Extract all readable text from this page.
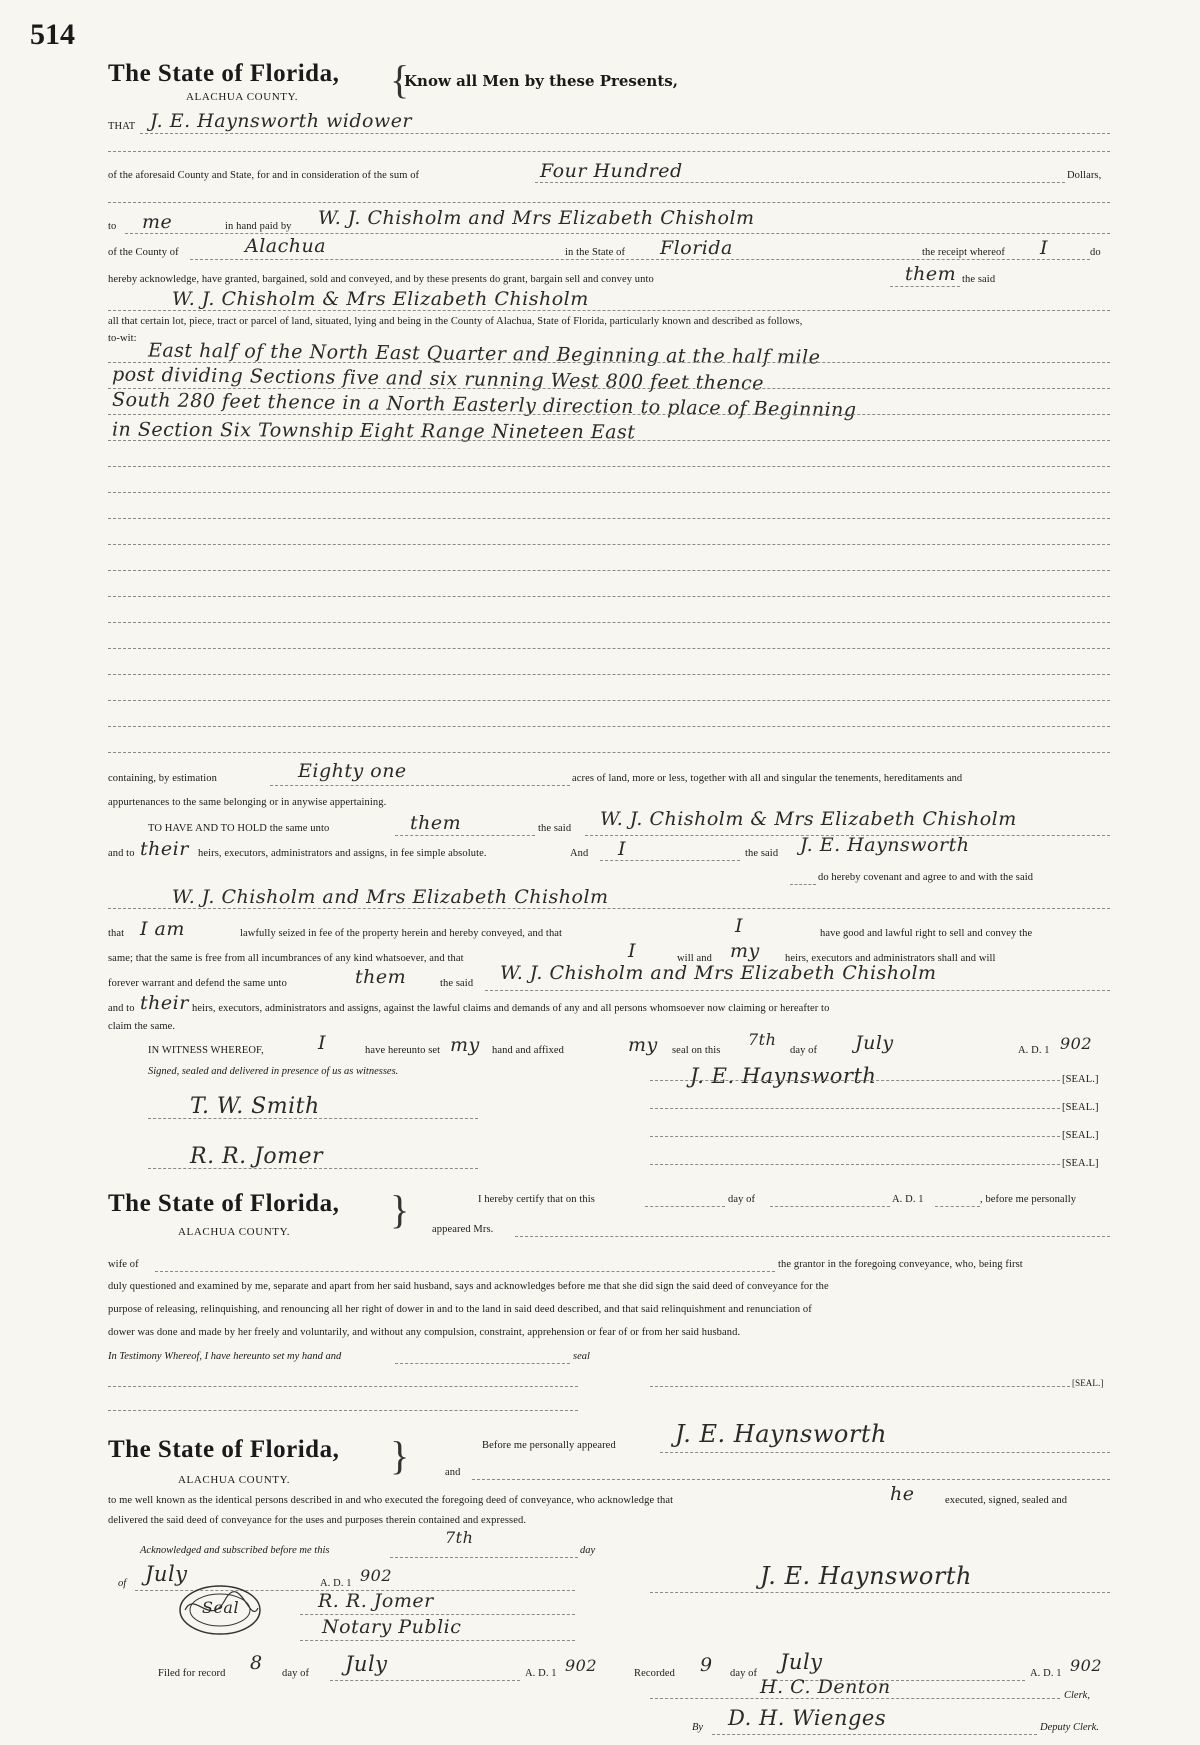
514
The State of Florida, {
Know all Men by these Presents,
ALACHUA COUNTY.
THAT J. E. Haynsworth widower
of the aforesaid County and State, for and in consideration of the sum of	Four Hundred	Dollars,
to me	in hand paid by W. J. Chisholm and Mrs Elizabeth Chisholm
of the County of	Alachua	in the State of Florida	the receipt whereof I	do
hereby acknowledge, have granted, bargained, sold and conveyed, and by these presents do grant, bargain sell and convey unto	them the said
W. J. Chisholm & Mrs Elizabeth Chisholm
all that certain lot, piece, tract or parcel of land, situated, lying and being in the County of Alachua, State of Florida, particularly known and described as follows,
to-wit:
East half of the North East Quarter and Beginning at the half mile
post dividing Sections five and six running West 800 feet thence
South 280 feet thence in a North Easterly direction to place of Beginning
in Section Six Township Eight Range Nineteen East
containing, by estimation	Eighty one	acres of land, more or less, together with all and singular the tenements, hereditaments and
appurtenances to the same belonging or in anywise appertaining.
TO HAVE AND TO HOLD the same unto	them	the said W. J. Chisholm & Mrs Elizabeth Chisholm
and to their heirs, executors, administrators and assigns, in fee simple absolute.	And I	the said J. E. Haynsworth
do hereby covenant and agree to and with the said
W. J. Chisholm and Mrs Elizabeth Chisholm
that I am	lawfully seized in fee of the property herein and hereby conveyed, and that	I	have good and lawful right to sell and convey the
same; that the same is free from all incumbrances of any kind whatsoever, and that	I	will and my heirs, executors and administrators shall and will
forever warrant and defend the same unto	them	the said W. J. Chisholm and Mrs Elizabeth Chisholm
and to their heirs, executors, administrators and assigns, against the lawful claims and demands of any and all persons whomsoever now claiming or hereafter to
claim the same.
IN WITNESS WHEREOF,	I	have hereunto set my hand and affixed	my seal on this
7th
day of July	A. D. 1 902
Signed, sealed and delivered in presence of us as witnesses.	J. E. Haynsworth	[SEAL.]
[SEAL.]
[SEAL.]
[SEA.L]
T. W. Smith
R. R. Jomer
The State of Florida, }
ALACHUA COUNTY.
I hereby certify that on this	day of	A. D. 1	, before me personally
appeared Mrs.
wife of	the grantor in the foregoing conveyance, who, being first
duly questioned and examined by me, separate and apart from her said husband, says and acknowledges before me that she did sign the said deed of conveyance for the
purpose of releasing, relinquishing, and renouncing all her right of dower in and to the land in said deed described, and that said relinquishment and renunciation of
dower was done and made by her freely and voluntarily, and without any compulsion, constraint, apprehension or fear of or from her said husband.
In Testimony Whereof, I have hereunto set my hand and	seal
[SEAL.]
The State of Florida, }
ALACHUA COUNTY.
Before me personally appeared J. E. Haynsworth
and
to me well known as the identical persons described in and who executed the foregoing deed of conveyance, who acknowledge that	he	executed, signed, sealed and
delivered the said deed of conveyance for the uses and purposes therein contained and expressed.
Acknowledged and subscribed before me this
7th
day
of July	A. D. 1 902	J. E. Haynsworth
Seal	R. R. Jomer
Notary Public
Filed for record 8 day of July	A. D. 1 902	Recorded 9 day of July	A. D. 1 902
H. C. Denton	Clerk,
By D. H. Wienges	Deputy Clerk.
